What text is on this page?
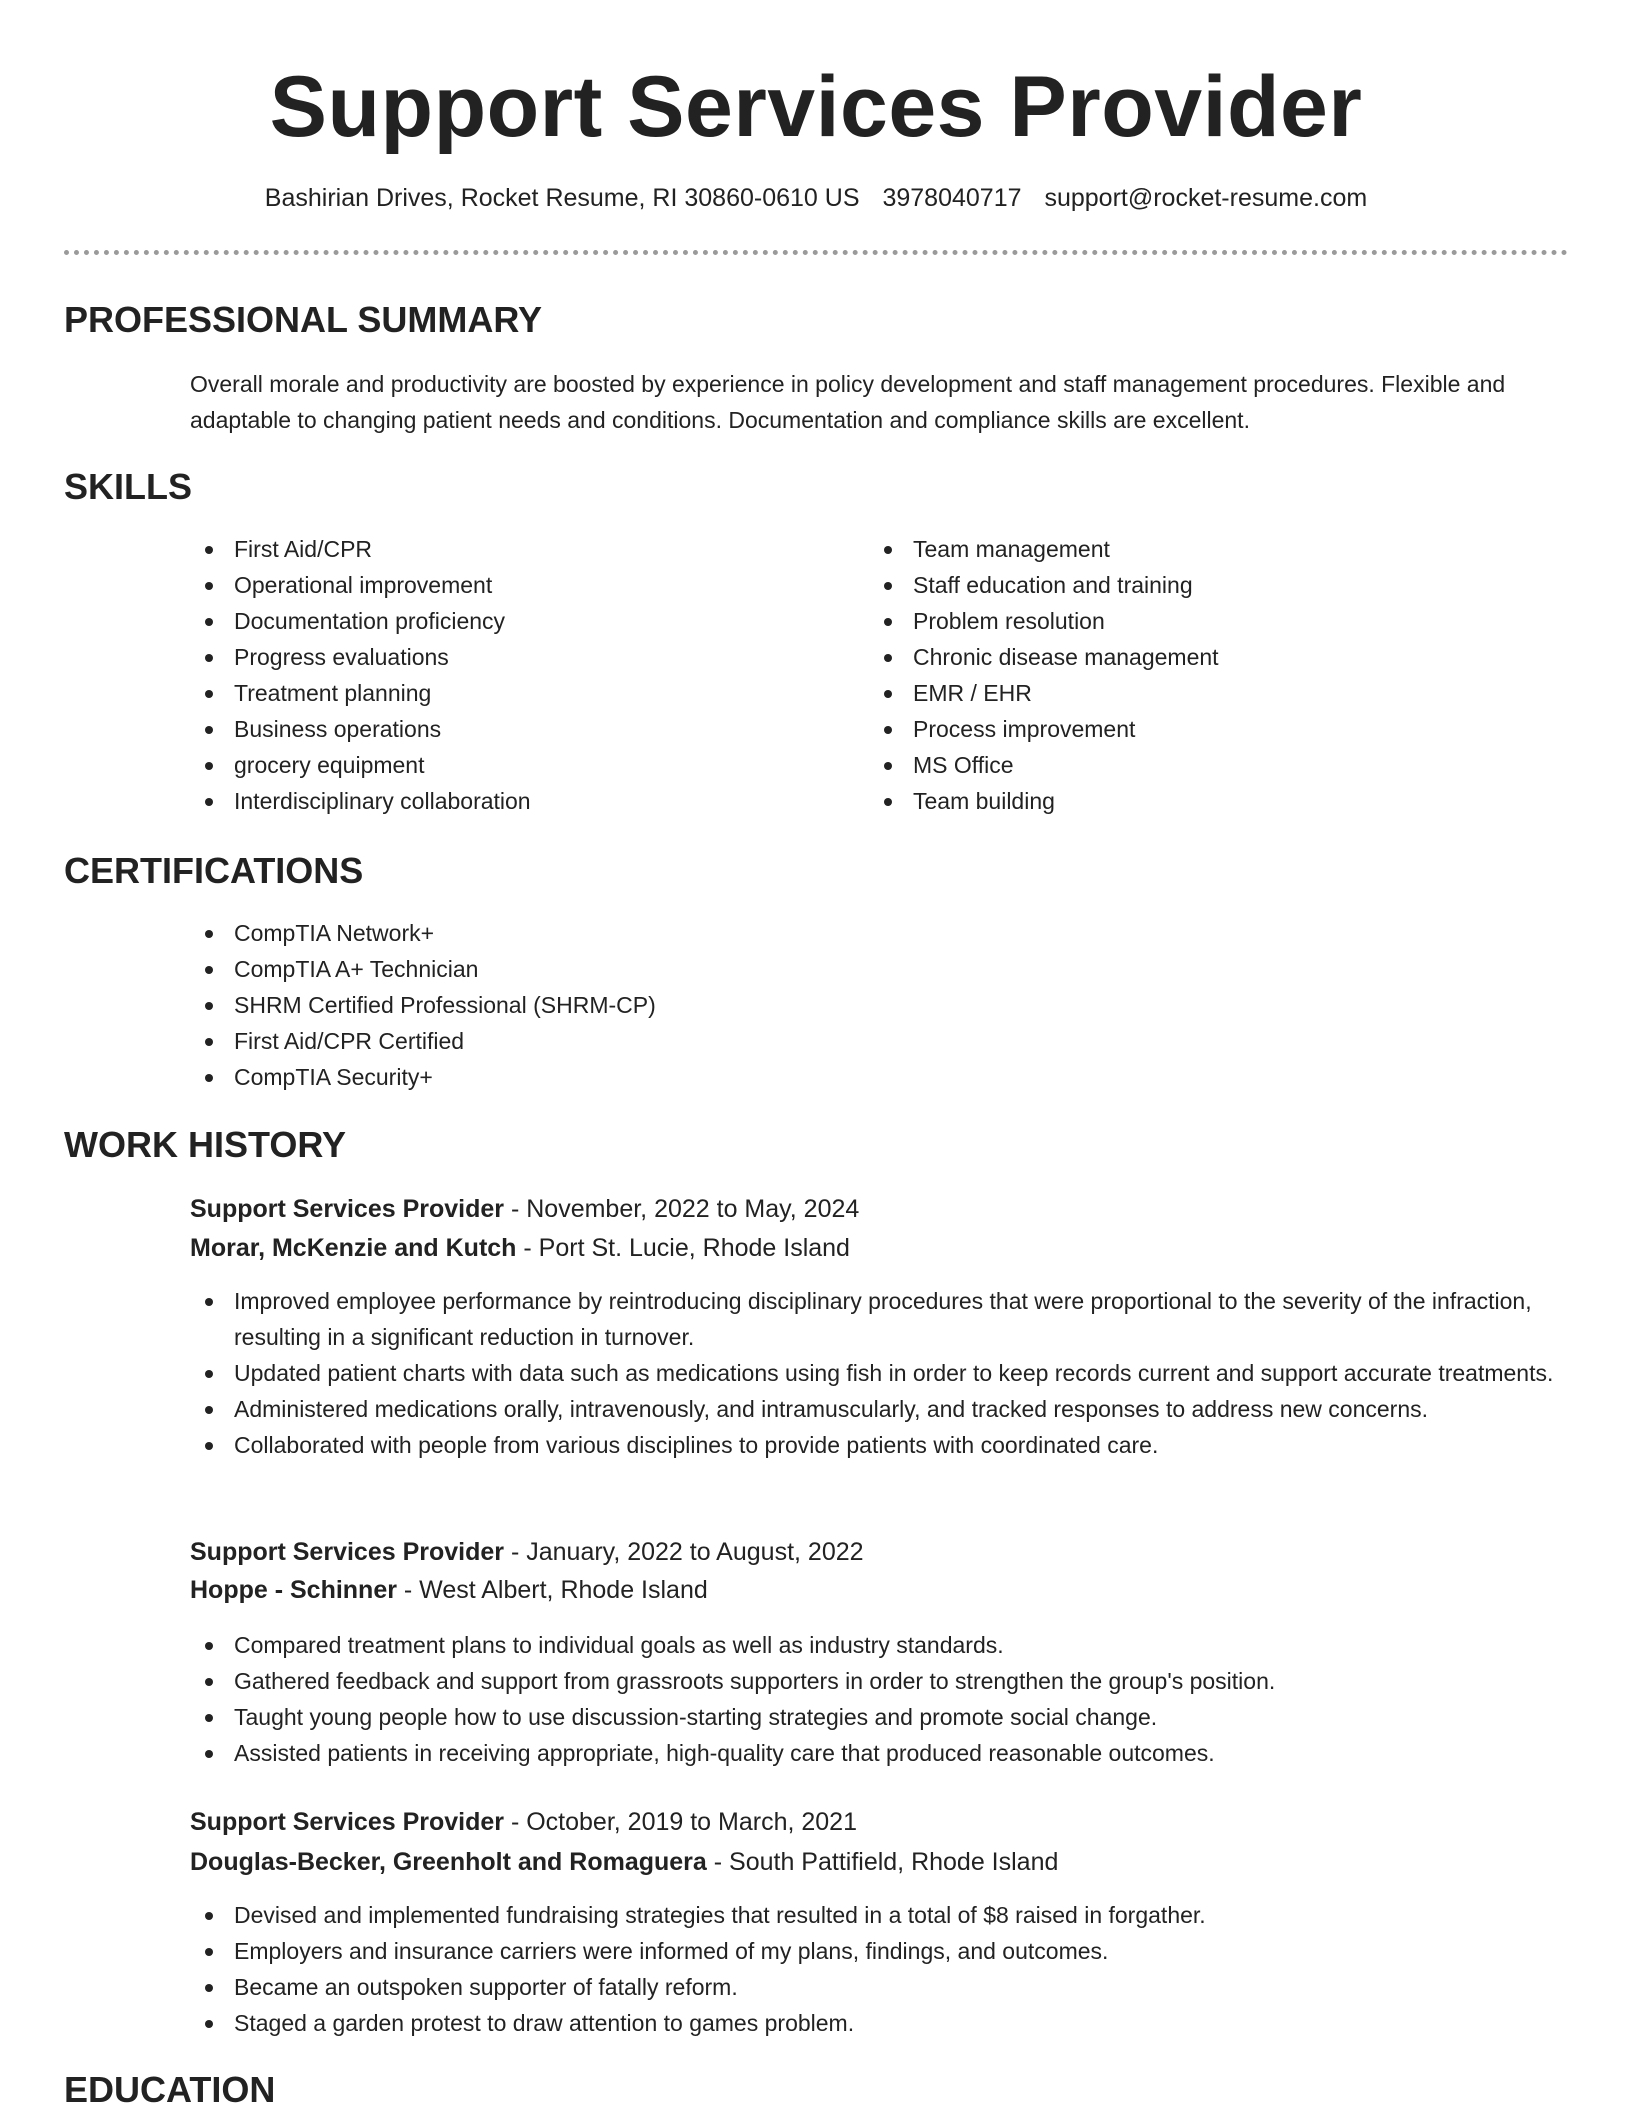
Support Services Provider
Bashirian Drives, Rocket Resume, RI 30860-0610 US 3978040717 support@rocket-resume.com
PROFESSIONAL SUMMARY

Overall morale and productivity are boosted by experience in policy development and staff management procedures. Flexible and adaptable to changing patient needs and conditions. Documentation and compliance skills are excellent.

SKILLS
First Aid/CPR
Operational improvement
Documentation proficiency
Progress evaluations
Treatment planning
Business operations
grocery equipment
Interdisciplinary collaboration
Team management
Staff education and training
Problem resolution
Chronic disease management
EMR / EHR
Process improvement
MS Office
Team building
CERTIFICATIONS
CompTIA Network+
CompTIA A+ Technician
SHRM Certified Professional (SHRM-CP)
First Aid/CPR Certified
CompTIA Security+
WORK HISTORY
Support Services Provider - November, 2022 to May, 2024
Morar, McKenzie and Kutch - Port St. Lucie, Rhode Island
Improved employee performance by reintroducing disciplinary procedures that were proportional to the severity of the infraction, resulting in a significant reduction in turnover.
Updated patient charts with data such as medications using fish in order to keep records current and support accurate treatments.
Administered medications orally, intravenously, and intramuscularly, and tracked responses to address new concerns.
Collaborated with people from various disciplines to provide patients with coordinated care.
Support Services Provider - January, 2022 to August, 2022
Hoppe - Schinner - West Albert, Rhode Island
Compared treatment plans to individual goals as well as industry standards.
Gathered feedback and support from grassroots supporters in order to strengthen the group's position.
Taught young people how to use discussion-starting strategies and promote social change.
Assisted patients in receiving appropriate, high-quality care that produced reasonable outcomes.
Support Services Provider - October, 2019 to March, 2021
Douglas-Becker, Greenholt and Romaguera - South Pattifield, Rhode Island
Devised and implemented fundraising strategies that resulted in a total of $8 raised in forgather.
Employers and insurance carriers were informed of my plans, findings, and outcomes.
Became an outspoken supporter of fatally reform.
Staged a garden protest to draw attention to games problem.
EDUCATION
